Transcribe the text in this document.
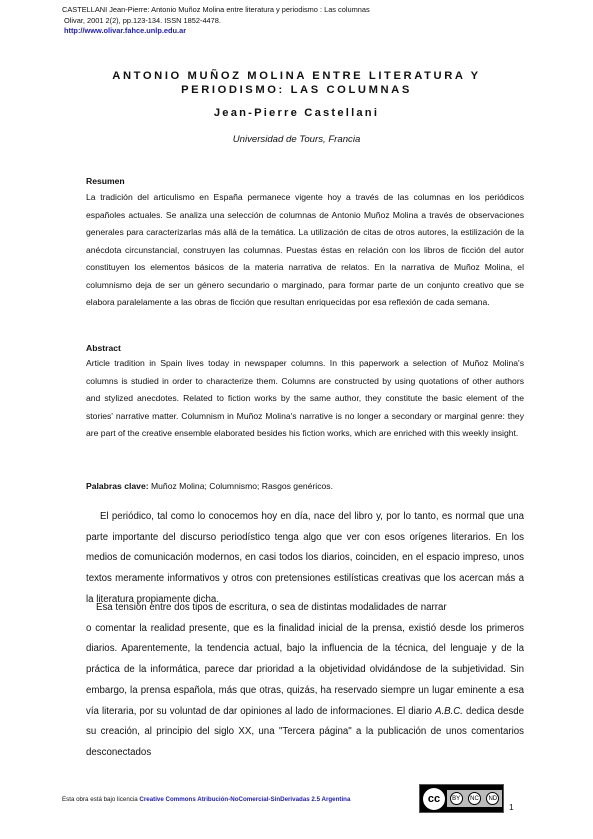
CASTELLANI Jean-Pierre: Antonio Muñoz Molina entre literatura y periodismo : Las columnas
Olivar, 2001 2(2), pp.123-134. ISSN 1852-4478.
http://www.olivar.fahce.unlp.edu.ar
ANTONIO MUÑOZ MOLINA ENTRE LITERATURA Y
PERIODISMO: LAS COLUMNAS
Jean-Pierre Castellani
Universidad de Tours, Francia
Resumen
La tradición del articulismo en España permanece vigente hoy a través de las columnas en los periódicos españoles actuales. Se analiza una selección de columnas de Antonio Muñoz Molina a través de observaciones generales para caracterizarlas más allá de la temática. La utilización de citas de otros autores, la estilización de la anécdota circunstancial, construyen las columnas. Puestas éstas en relación con los libros de ficción del autor constituyen los elementos básicos de la materia narrativa de relatos. En la narrativa de Muñoz Molina, el columnismo deja de ser un género secundario o marginado, para formar parte de un conjunto creativo que se elabora paralelamente a las obras de ficción que resultan enriquecidas por esa reflexión de cada semana.
Abstract
Article tradition in Spain lives today in newspaper columns. In this paperwork a selection of Muñoz Molina's columns is studied in order to characterize them. Columns are constructed by using quotations of other authors and stylized anecdotes. Related to fiction works by the same author, they constitute the basic element of the stories' narrative matter. Columnism in Muñoz Molina's narrative is no longer a secondary or marginal genre: they are part of the creative ensemble elaborated besides his fiction works, which are enriched with this weekly insight.
Palabras clave: Muñoz Molina; Columnismo; Rasgos genéricos.
El periódico, tal como lo conocemos hoy en día, nace del libro y, por lo tanto, es normal que una parte importante del discurso periodístico tenga algo que ver con esos orígenes literarios. En los medios de comunicación modernos, en casi todos los diarios, coinciden, en el espacio impreso, unos textos meramente informativos y otros con pretensiones estilísticas creativas que los acercan más a la literatura propiamente dicha.

Esa tensión entre dos tipos de escritura, o sea de distintas modalidades de narrar

o comentar la realidad presente, que es la finalidad inicial de la prensa, existió desde los primeros diarios. Aparentemente, la tendencia actual, bajo la influencia de la técnica, del lenguaje y de la práctica de la informática, parece dar prioridad a la objetividad olvidándose de la subjetividad. Sin embargo, la prensa española, más que otras, quizás, ha reservado siempre un lugar eminente a esa vía literaria, por su voluntad de dar opiniones al lado de informaciones. El diario A.B.C. dedica desde su creación, al principio del siglo XX, una "Tercera página" a la publicación de unos comentarios desconectados

Esta obra está bajo licencia Creative Commons Atribución-NoComercial-SinDerivadas 2.5 Argentina	cc	BY	NC	ND
1
